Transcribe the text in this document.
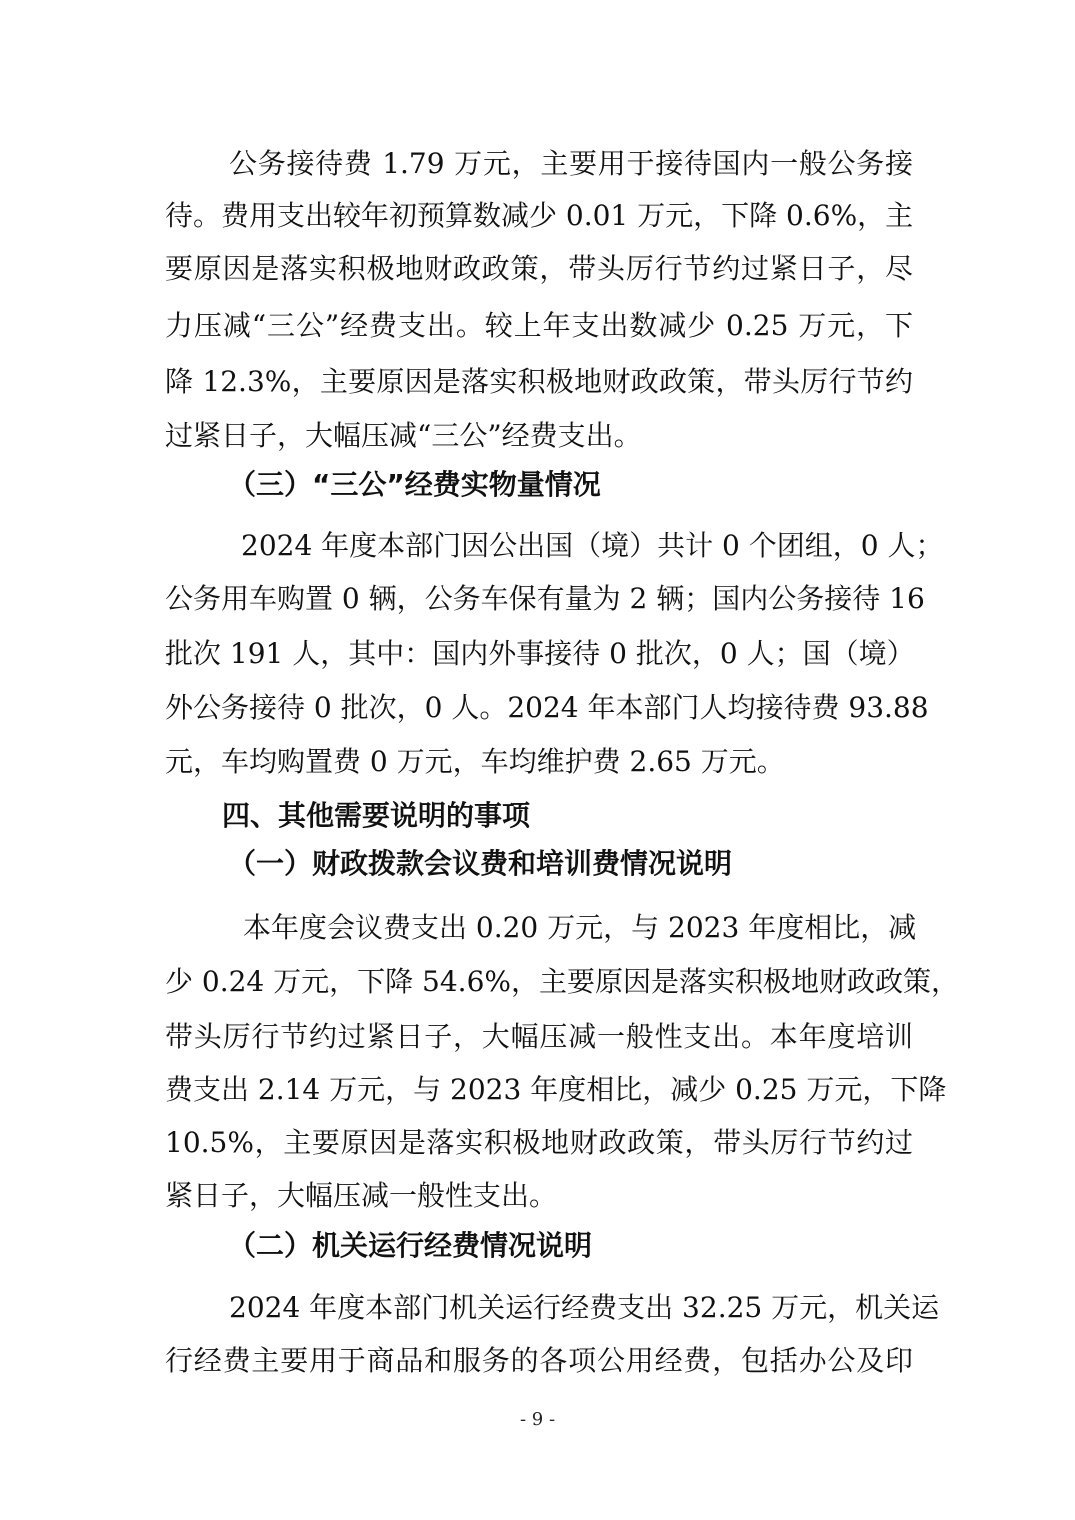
公务接待费 1.79 万元，主要用于接待国内一般公务接
待。费用支出较年初预算数减少 0.01 万元，下降 0.6%，主
要原因是落实积极地财政政策，带头厉行节约过紧日子，尽
力压减“三公”经费支出。较上年支出数减少 0.25 万元，下
降 12.3%，主要原因是落实积极地财政政策，带头厉行节约
过紧日子，大幅压减“三公”经费支出。
（三）“三公”经费实物量情况
2024 年度本部门因公出国（境）共计 0 个团组，0 人；
公务用车购置 0 辆，公务车保有量为 2 辆；国内公务接待 16
批次 191 人，其中：国内外事接待 0 批次，0 人；国（境）
外公务接待 0 批次，0 人。2024 年本部门人均接待费 93.88
元，车均购置费 0 万元，车均维护费 2.65 万元。
四、其他需要说明的事项
（一）财政拨款会议费和培训费情况说明
本年度会议费支出 0.20 万元，与 2023 年度相比，减
少 0.24 万元，下降 54.6%，主要原因是落实积极地财政政策，
带头厉行节约过紧日子，大幅压减一般性支出。本年度培训
费支出 2.14 万元，与 2023 年度相比，减少 0.25 万元，下降
10.5%，主要原因是落实积极地财政政策，带头厉行节约过
紧日子，大幅压减一般性支出。
（二）机关运行经费情况说明
2024 年度本部门机关运行经费支出 32.25 万元，机关运
行经费主要用于商品和服务的各项公用经费，包括办公及印
- 9 -
